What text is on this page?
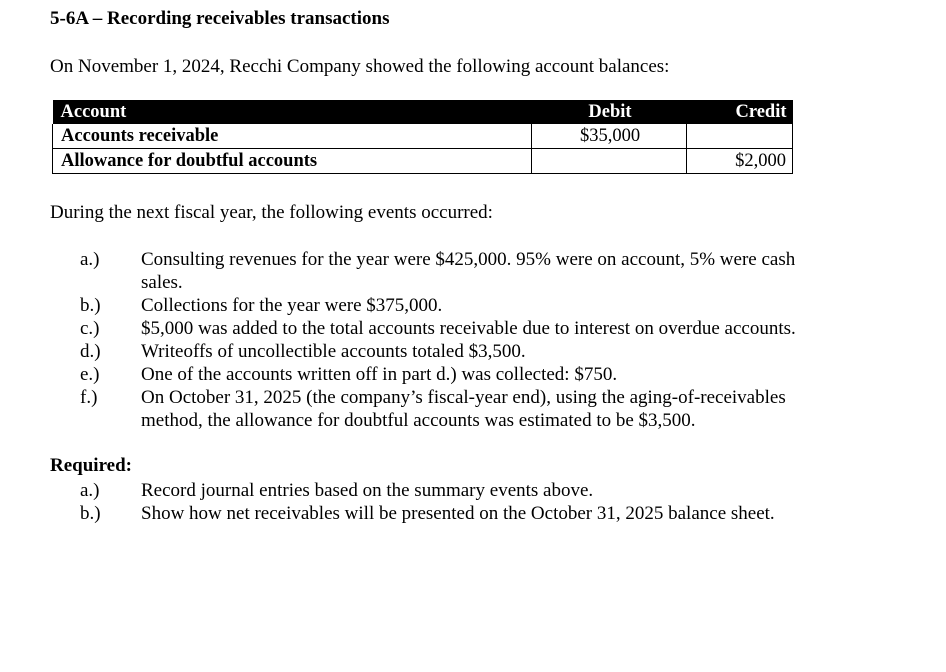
5-6A – Recording receivables transactions
On November 1, 2024, Recchi Company showed the following account balances:
Account	Debit	Credit
Accounts receivable	$35,000	
Allowance for doubtful accounts		$2,000
During the next fiscal year, the following events occurred:
a.)	Consulting revenues for the year were $425,000. 95% were on account, 5% were cash sales.
b.)	Collections for the year were $375,000.
c.)	$5,000 was added to the total accounts receivable due to interest on overdue accounts.
d.)	Writeoffs of uncollectible accounts totaled $3,500.
e.)	One of the accounts written off in part d.) was collected: $750.
f.)	On October 31, 2025 (the company’s fiscal-year end), using the aging-of-receivables method, the allowance for doubtful accounts was estimated to be $3,500.
Required:
a.)	Record journal entries based on the summary events above.
b.)	Show how net receivables will be presented on the October 31, 2025 balance sheet.
